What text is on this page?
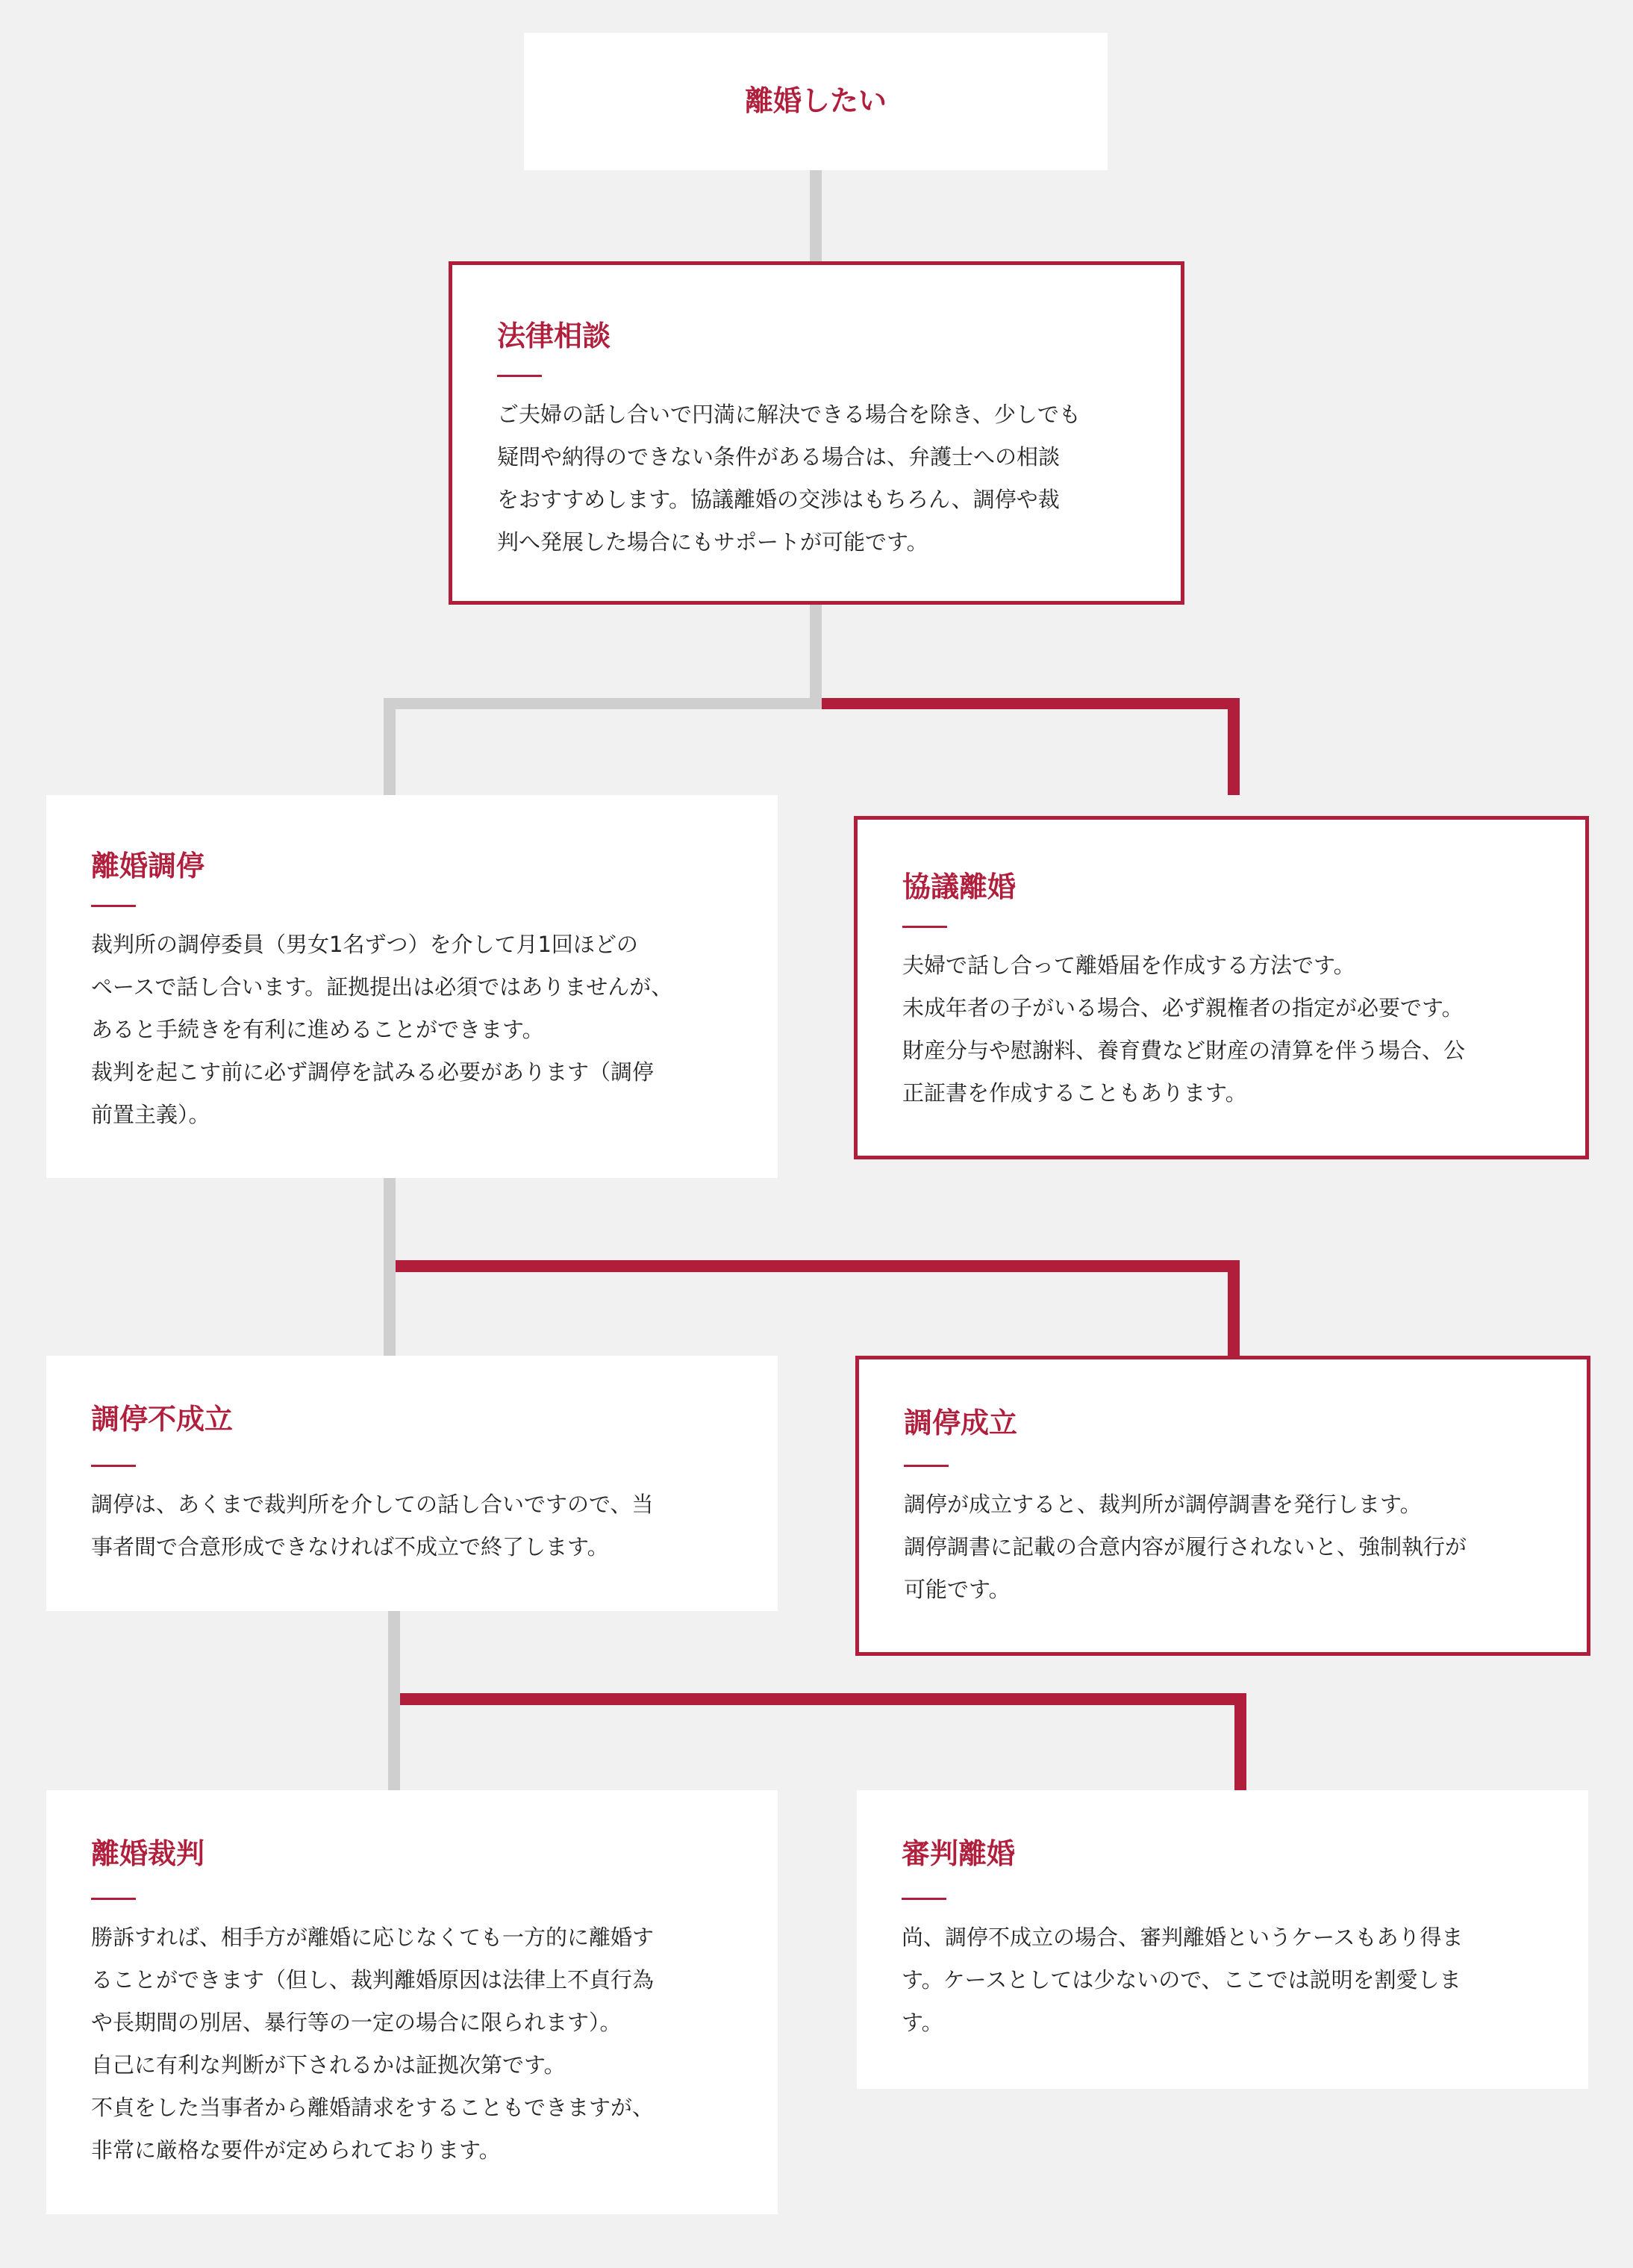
離婚したい
法律相談

ご夫婦の話し合いで円満に解決できる場合を除き、少しでも

疑問や納得のできない条件がある場合は、弁護士への相談

をおすすめします。協議離婚の交渉はもちろん、調停や裁

判へ発展した場合にもサポートが可能です。

離婚調停

裁判所の調停委員（男女1名ずつ）を介して月1回ほどの

ペースで話し合います。証拠提出は必須ではありませんが、

あると手続きを有利に進めることができます。

裁判を起こす前に必ず調停を試みる必要があります（調停

前置主義）。

協議離婚

夫婦で話し合って離婚届を作成する方法です。

未成年者の子がいる場合、必ず親権者の指定が必要です。

財産分与や慰謝料、養育費など財産の清算を伴う場合、公

正証書を作成することもあります。

調停不成立

調停は、あくまで裁判所を介しての話し合いですので、当

事者間で合意形成できなければ不成立で終了します。

調停成立

調停が成立すると、裁判所が調停調書を発行します。

調停調書に記載の合意内容が履行されないと、強制執行が

可能です。

離婚裁判

勝訴すれば、相手方が離婚に応じなくても一方的に離婚す

ることができます（但し、裁判離婚原因は法律上不貞行為

や長期間の別居、暴行等の一定の場合に限られます）。

自己に有利な判断が下されるかは証拠次第です。

不貞をした当事者から離婚請求をすることもできますが、

非常に厳格な要件が定められております。

審判離婚

尚、調停不成立の場合、審判離婚というケースもあり得ま

す。ケースとしては少ないので、ここでは説明を割愛しま

す。
